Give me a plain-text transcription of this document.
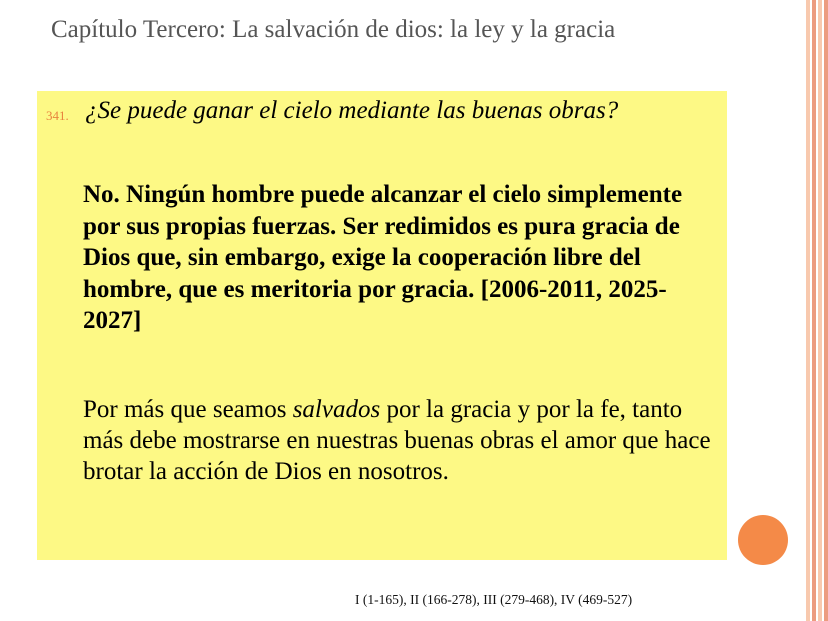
Capítulo Tercero: La salvación de dios: la ley y la gracia
341. ¿Se puede ganar el cielo mediante las buenas obras?
No. Ningún hombre puede alcanzar el cielo simplemente por sus propias fuerzas. Ser redimidos es pura gracia de Dios que, sin embargo, exige la cooperación libre del hombre, que es meritoria por gracia. [2006-2011, 2025-2027]
Por más que seamos salvados por la gracia y por la fe, tanto más debe mostrarse en nuestras buenas obras el amor que hace brotar la acción de Dios en nosotros.
I (1-165), II (166-278), III (279-468), IV (469-527)
